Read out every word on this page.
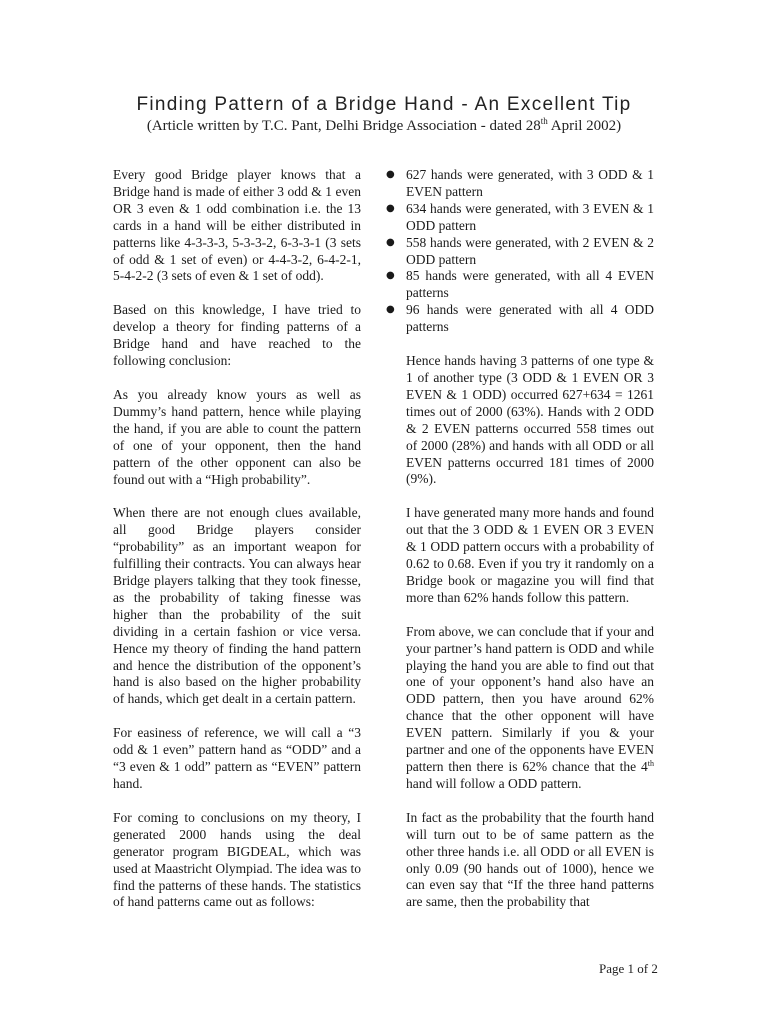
Finding Pattern of a Bridge Hand - An Excellent Tip
(Article written by T.C. Pant, Delhi Bridge Association - dated 28th April 2002)

Every good Bridge player knows that a Bridge hand is made of either 3 odd & 1 even OR 3 even & 1 odd combination i.e. the 13 cards in a hand will be either distributed in patterns like 4-3-3-3, 5-3-3-2, 6-3-3-1 (3 sets of odd & 1 set of even) or 4-4-3-2, 6-4-2-1, 5-4-2-2 (3 sets of even & 1 set of odd).

Based on this knowledge, I have tried to develop a theory for finding patterns of a Bridge hand and have reached to the following conclusion:

As you already know yours as well as Dummy’s hand pattern, hence while playing the hand, if you are able to count the pattern of one of your opponent, then the hand pattern of the other opponent can also be found out with a “High probability”.

When there are not enough clues available, all good Bridge players consider “probability” as an important weapon for fulfilling their contracts. You can always hear Bridge players talking that they took finesse, as the probability of taking finesse was higher than the probability of the suit dividing in a certain fashion or vice versa. Hence my theory of finding the hand pattern and hence the distribution of the opponent’s hand is also based on the higher probability of hands, which get dealt in a certain pattern.

For easiness of reference, we will call a “3 odd & 1 even” pattern hand as “ODD” and a “3 even & 1 odd” pattern as “EVEN” pattern hand.

For coming to conclusions on my theory, I generated 2000 hands using the deal generator program BIGDEAL, which was used at Maastricht Olympiad. The idea was to find the patterns of these hands. The statistics of hand patterns came out as follows:

● 627 hands were generated, with 3 ODD & 1 EVEN pattern
● 634 hands were generated, with 3 EVEN & 1 ODD pattern
● 558 hands were generated, with 2 EVEN & 2 ODD pattern
● 85 hands were generated, with all 4 EVEN patterns
● 96 hands were generated with all 4 ODD patterns

Hence hands having 3 patterns of one type & 1 of another type (3 ODD & 1 EVEN OR 3 EVEN & 1 ODD) occurred 627+634 = 1261 times out of 2000 (63%). Hands with 2 ODD & 2 EVEN patterns occurred 558 times out of 2000 (28%) and hands with all ODD or all EVEN patterns occurred 181 times of 2000 (9%).

I have generated many more hands and found out that the 3 ODD & 1 EVEN OR 3 EVEN & 1 ODD pattern occurs with a probability of 0.62 to 0.68. Even if you try it randomly on a Bridge book or magazine you will find that more than 62% hands follow this pattern.

From above, we can conclude that if your and your partner’s hand pattern is ODD and while playing the hand you are able to find out that one of your opponent’s hand also have an ODD pattern, then you have around 62% chance that the other opponent will have EVEN pattern. Similarly if you & your partner and one of the opponents have EVEN pattern then there is 62% chance that the 4th hand will follow a ODD pattern.

In fact as the probability that the fourth hand will turn out to be of same pattern as the other three hands i.e. all ODD or all EVEN is only 0.09 (90 hands out of 1000), hence we can even say that “If the three hand patterns are same, then the probability that

Page 1 of 2
